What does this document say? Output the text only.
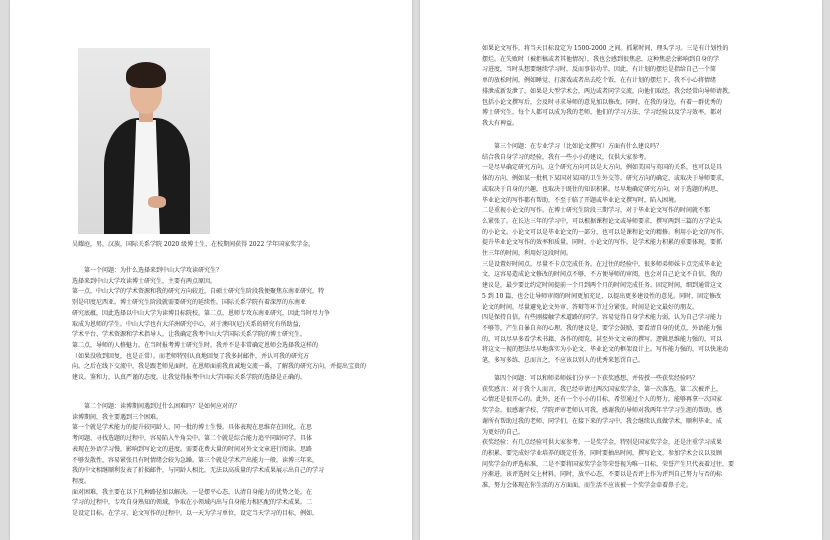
吴耀庭，男，汉族，国际关系学院 2020 级博士生，在校期间获得 2022 学年国家奖学金。

第一个问题：为什么选择来到中山大学攻读研究生？

选择来到中山大学攻读博士研究生，主要有两点原因。

第一点，中山大学的学术资源和我的研究方向较近。自硕士研究生阶段我便聚焦东南亚研究，特

别是印度尼西亚。博士研究生阶段就需要研究的延续性。国际关系学院有着深厚的东南亚

研究底蕴，因此选择以中山大学为读博目标院校。第二点，恩师专攻东南亚研究，因此当时尽力争

取成为恩师的学生。中山大学也有大洋洲研究中心，对于澳印(尼)关系的研究有所助益，

学术平台、学术资源和学术指导人。让我确定我考中山大学国际关系学院的博士研究生。

第二点，导师的人格魅力。在当时报考博士研究生时，我并不是非常确定恩师会选择我这样的

（如果没收到回复，也是正常）。而老师特别认真地回复了我多封邮件，并认可我的研究方

向。之后在线下交流中，我是跟老师见面时，在恩师面前我真诚地交流一番，了解我的研究方向，并提出宝贵的

建议。鉴和力，认真严谨的态度，让我觉得报考中山大学国际关系学院的选择是正确的。

第二个问题：读博期间遇到过什么困难吗？是如何应对的？

读博期间，我主要遇到三个困难。

第一个就是学术能力的提升较同龄人、同一批的博士生慢。具体表现在思维存在固化，在思

考问题、寻找选题的过程中，容易陷入牛角尖中。第二个就是综合能力追平同龄同学。具体

表现在外语学习慢，影响到写论文的进度。需要花费大量的时间对外文文章进行阅读。思路

不够发散性，容易紧张且有时情绪会较为急躁。第三个就是学术产出能力一般，读博三年来，

我的中文相继顺利发表了折损邮件，与同龄人相比，无法以高质量的学术成果展示出自己的学习

程度。

面对困难，我主要在以下几种路径加以解决。一是摆平心态，认清自身能力的优势之处，在

学习的过程中，专攻自身熟知的领域，争取在小领域内出与自身能力相匹配的学术成果。二

是设定目标。在学习、论文写作的过程中，以一天为学习单位，设定当天学习的目标，例如，

如果论文写作，将当天目标设定为 1500-2000 之间。抓紧时间，理头学习。三是有计划性的

摆烂。在失败时（被拒稿或者其他情况），我也会感到很焦虑，这种焦虑会影响到自身的学

习进度，当时头想要继续学习时，反而事倍功半，因此，有计划的摆烂是指给自己一个简

单的放松时间，例如睡觉、打游戏或者出去吃个饭，在有计划的摆烂下，我不小心将情绪

排泄成新发泄了，如果是大型学术会，两边或者同学交流，向他们取经。我会经常向导师请教，

包括小论文撰写后，会及时寻求导师的意见加以修改。同时，在我的身边，有着一群优秀的

博士研究生，每个人都可以成为我的老师，他们的学习方法、学习经验以及学习效率，都对

我大有裨益。

第三个问题：在专业学习（比如论文撰写）方面有什么建议吗？

结合我自身学习的经验，我有一些小小的建议，仅供大家参考。

一是尽早确定研究方向。这个研究方向可以是大方向，例如美国与英国的关系，也可以是具

体的方向，例如某一批机下某国对某国的卫生外交等。研究方向的确定，或取决于导师要求，

或取决于自身的兴趣，也取决于既往的知识积累。尽早地确定研究方向，对于选题的构思、

毕业论文的写作都有帮助，不至于临了开题或毕业论文撰写时，陷入困境。

二是重视小论文的写作。在博士研究生阶段三期学习，对于毕业论文写作的时间就不那

么紧张了。在长达三年的学习中，可以根据课程论文或导师要求，撰写两到三篇的方学论头

的小论文。小论文可以是毕业论文的一部分，也可以是课程论文的精修。利用小论文的写作，

提升毕业论文写作的效率和质量。同时，小论文的写作，是学术能力积累的重要体现，要抓

住三年的时间，利用好这段时间。

三是设置好时间点，尽量不卡点完成任务。在过往的经验中，很多师弟师妹卡点完成毕业论

文，这容易造成论文修改的时间点不够，不方便导师的审阅，也会对自己论文不自信，我的

建议是，最少要比约定时间提前一个月到两个月的时间完成任务。固定时间，细到通常这文

5 到 10 篇，也会让导师审阅的时间更加充足，以提出更多建设性的意见。同时，固定修改

论文的时间，尽量避免论文外审、答辩等环节过分紧张。时间是论文最好的朋友。

四是保持自信。有些刚接触学术道路的同学，容易觉得自身学术能力弱，认为自己学习能力

不够等，产生自暴自弃的心理。我的建议是，要学会鼓励，要看清自身的优点，外语能力强

的，可以尽早多看学术书籍、各作的阅览，甚至外文文章的撰写。逻辑思维能力强的，可以

将这文一视的想法尽早地落实为小论文、毕业论文的框架设计上。写作能力强的，可以快速动

笔，多写多练，总而言之，不应该以别人的优秀来惩罚自己。

第四个问题：可以和师弟师妹们分享一下获奖感想、并传授一些获奖经验吗？

获奖感言：对于我个人而言，我已经申请过两次国家奖学金，第一次落选，第二次被评上，

心情还是很开心的。此外，还有一个小小的目标，希望通过个人的努力，能够再拿一次国家

奖学金。很感谢学校、学院评审老师认可我，感谢我的导师对我两年半学习生涯的帮助，感

谢所有帮助过我的老师、同学们，在接下来的学习中，我会继续认真做学术，顺利毕业，成

为更好的自己。

获奖经验：有几点经验可供大家参考，一是奖学金，特别是国家奖学金，还是注重学习成果

的积累，要完成好学业培养的既定任务，同时要抽出时间，撰写论文，参加学术会议以及顾

问奖学金的评选标准，二是不要将国家奖学金等荣誉视为唯一目标，荣誉产生只代表着过往，要

序渐进，该评选时交上材料，同时，放平心态，不要以是否评上作为评判自己努力与否的标

准，努力会体现在你生活的方方面面，而生活不应该被一个奖学金牵着鼻子走。
